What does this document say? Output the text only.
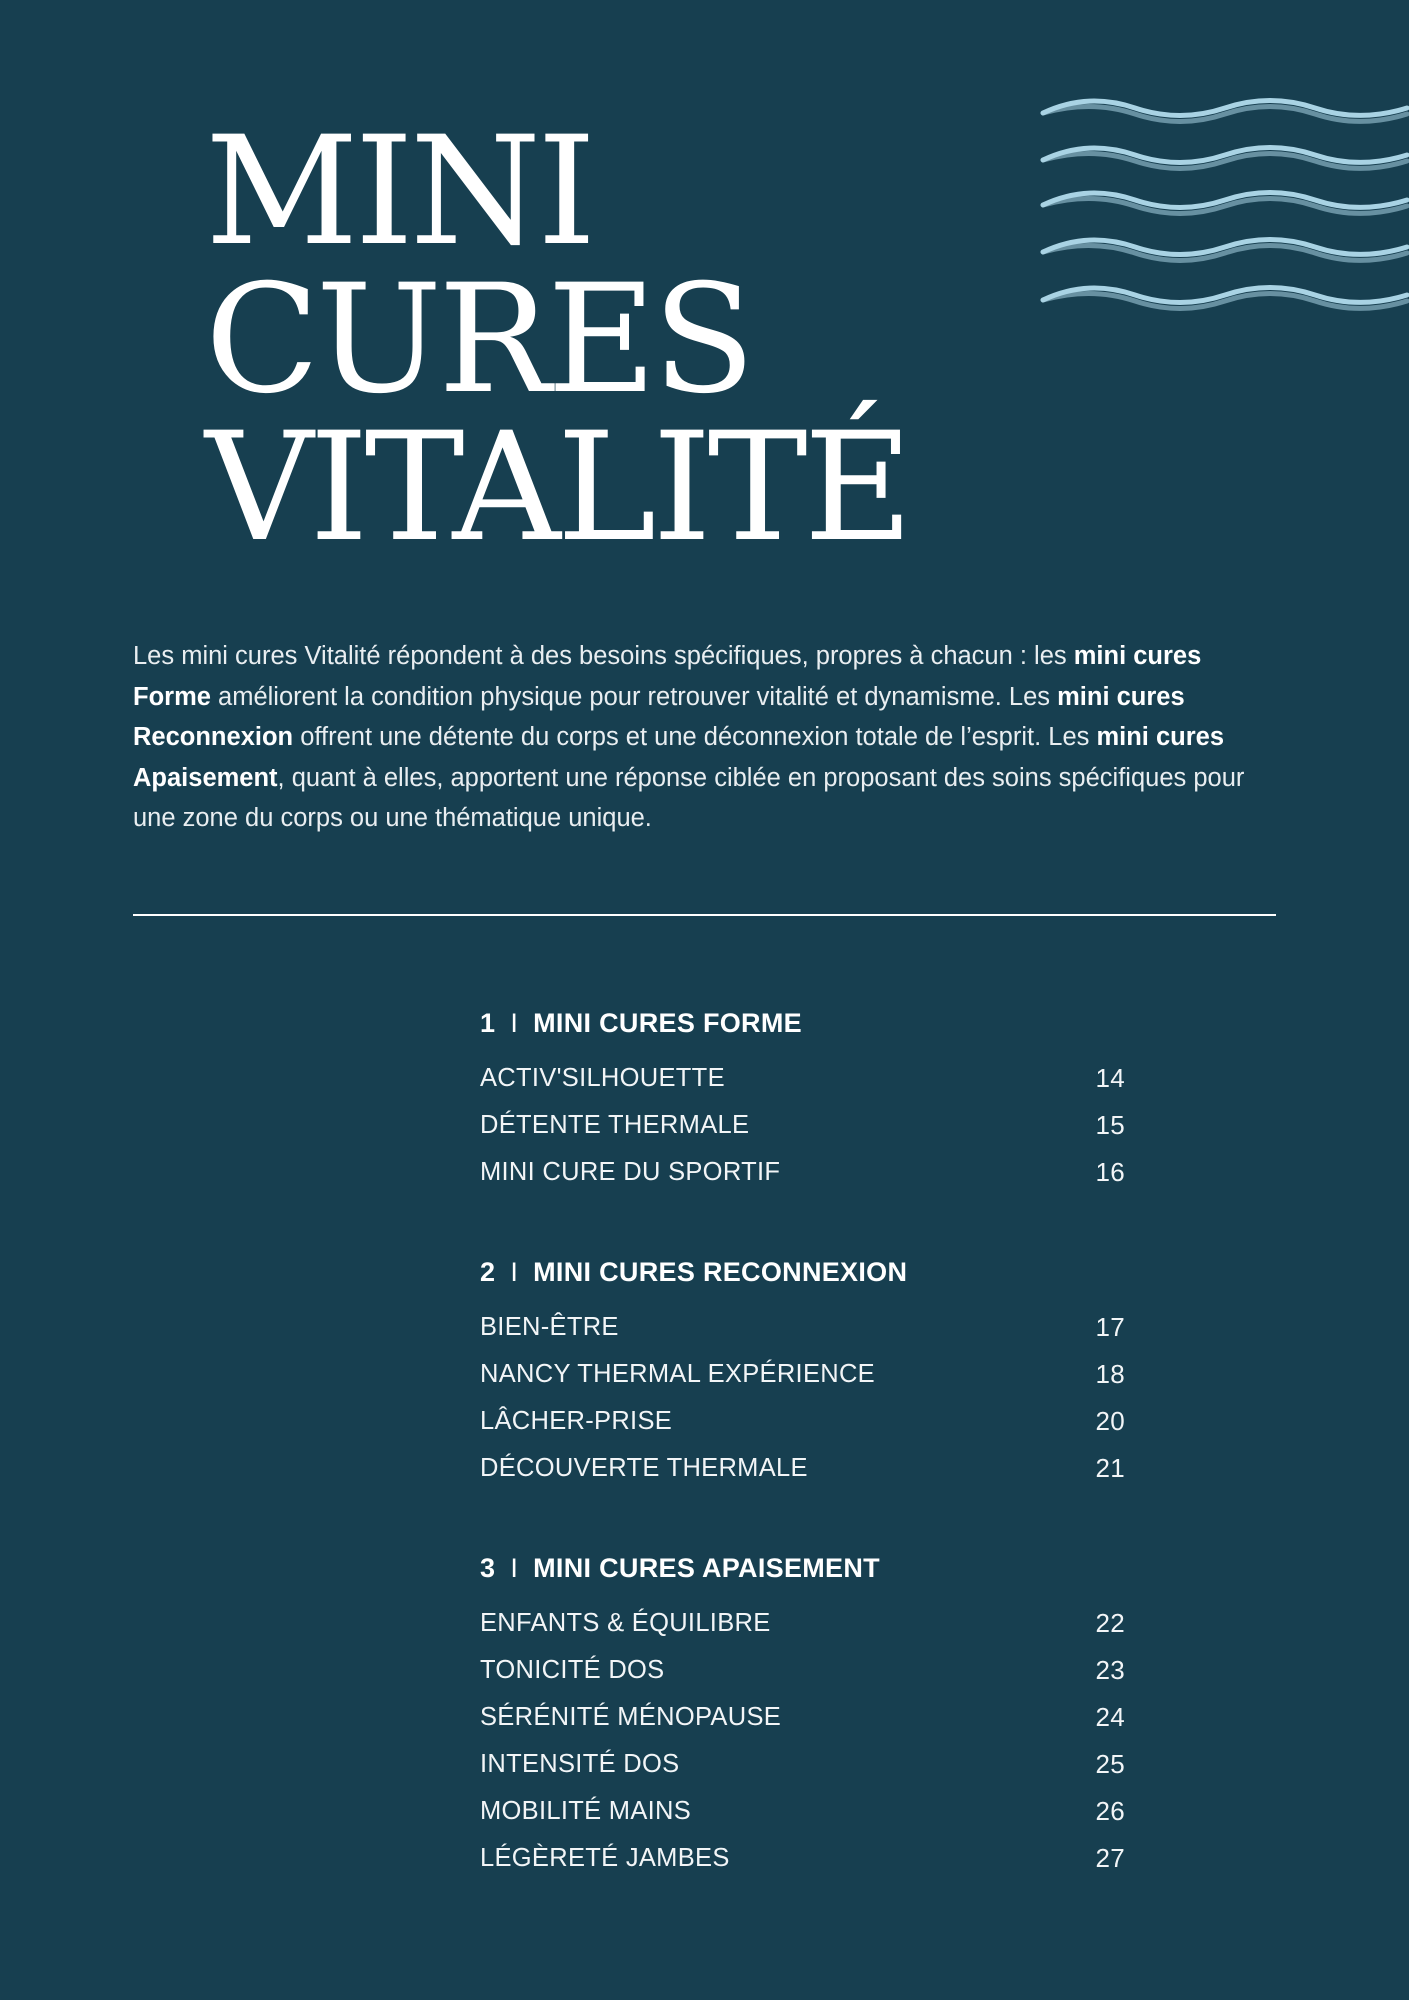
MINI
CURES
VITALITÉ

Les mini cures Vitalité répondent à des besoins spécifiques, propres à chacun : les mini cures Forme améliorent la condition physique pour retrouver vitalité et dynamisme. Les mini cures Reconnexion offrent une détente du corps et une déconnexion totale de l’esprit. Les mini cures Apaisement, quant à elles, apportent une réponse ciblée en proposant des soins spécifiques pour une zone du corps ou une thématique unique.

1 I MINI CURES FORME
ACTIV'SILHOUETTE	14
DÉTENTE THERMALE	15
MINI CURE DU SPORTIF	16
2 I MINI CURES RECONNEXION
BIEN-ÊTRE	17
NANCY THERMAL EXPÉRIENCE	18
LÂCHER-PRISE	20
DÉCOUVERTE THERMALE	21
3 I MINI CURES APAISEMENT
ENFANTS & ÉQUILIBRE	22
TONICITÉ DOS	23
SÉRÉNITÉ MÉNOPAUSE	24
INTENSITÉ DOS	25
MOBILITÉ MAINS	26
LÉGÈRETÉ JAMBES	27
